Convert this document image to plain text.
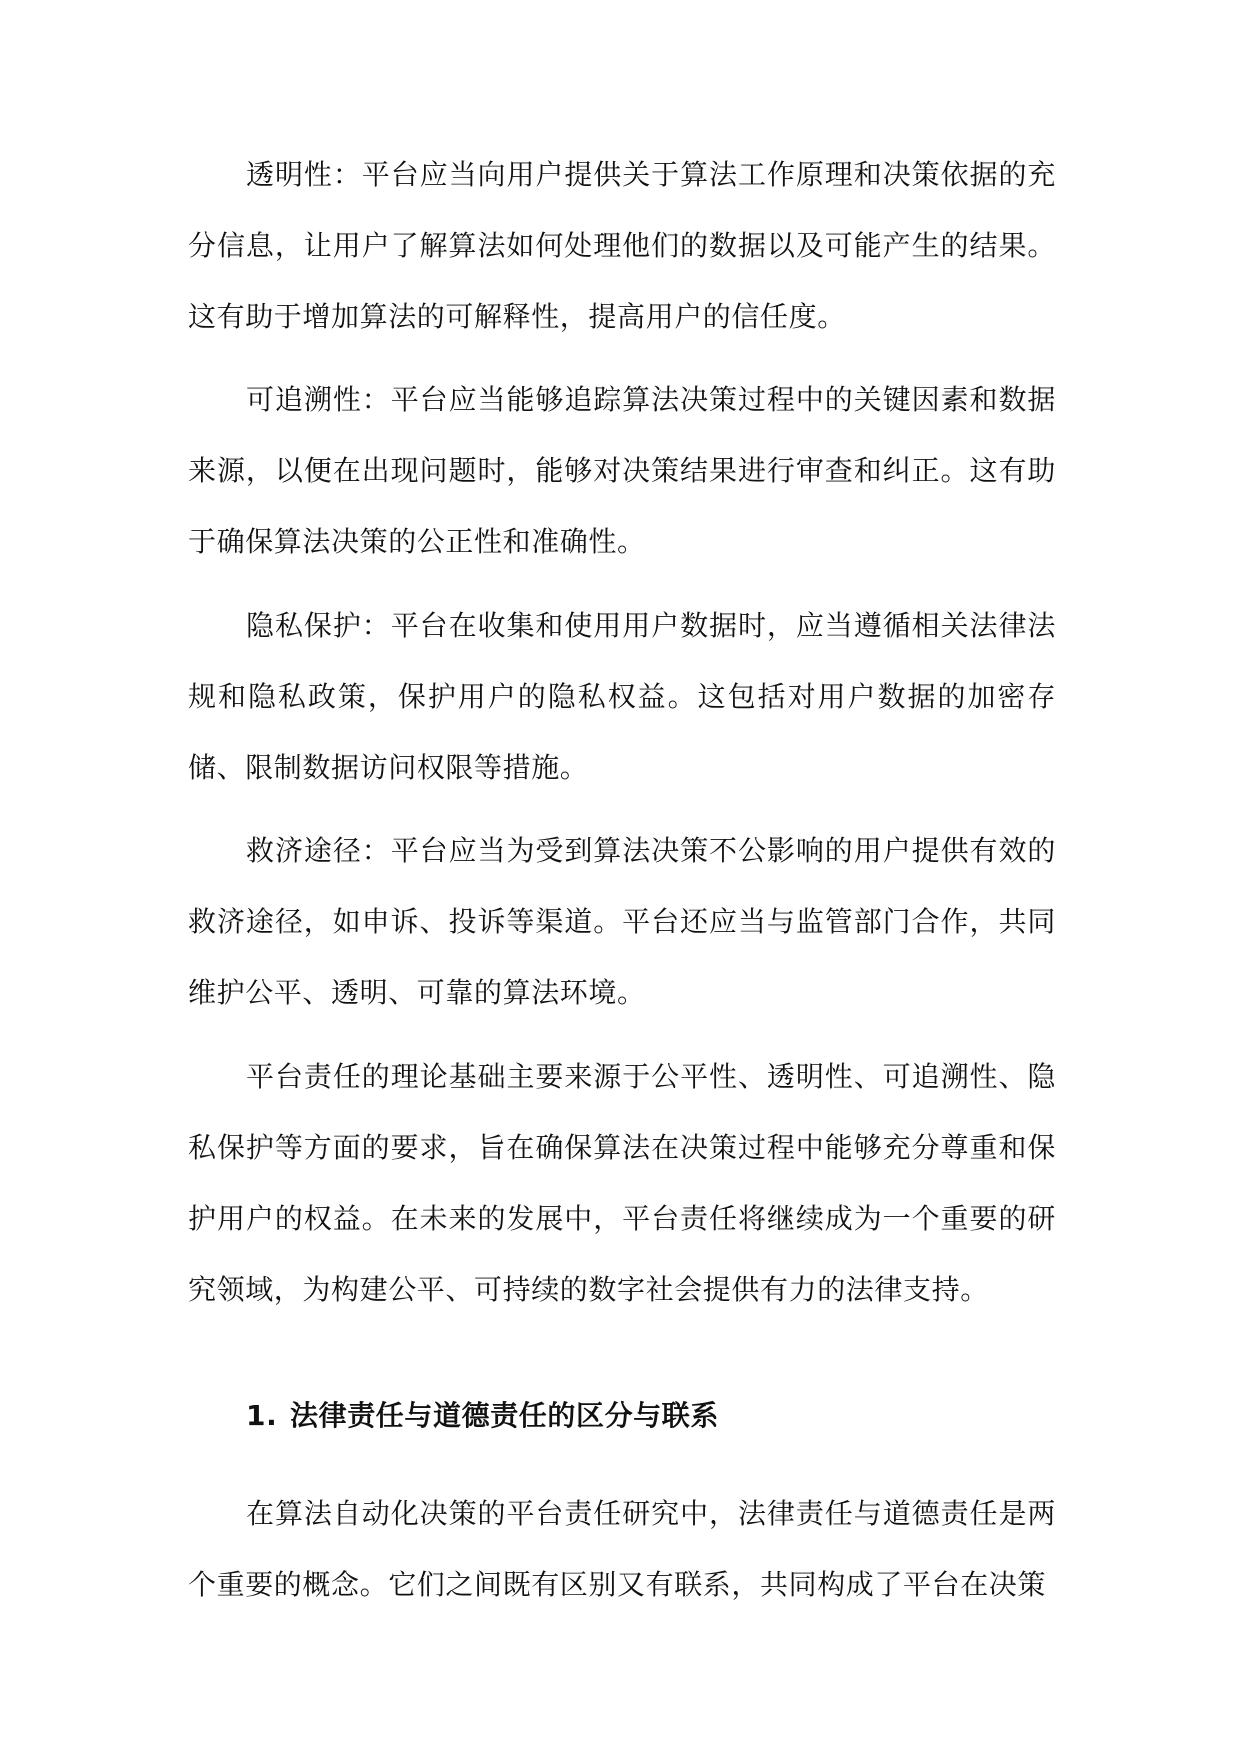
透明性：平台应当向用户提供关于算法工作原理和决策依据的充分信息，让用户了解算法如何处理他们的数据以及可能产生的结果。这有助于增加算法的可解释性，提高用户的信任度。

可追溯性：平台应当能够追踪算法决策过程中的关键因素和数据来源，以便在出现问题时，能够对决策结果进行审查和纠正。这有助于确保算法决策的公正性和准确性。

隐私保护：平台在收集和使用用户数据时，应当遵循相关法律法规和隐私政策，保护用户的隐私权益。这包括对用户数据的加密存储、限制数据访问权限等措施。

救济途径：平台应当为受到算法决策不公影响的用户提供有效的救济途径，如申诉、投诉等渠道。平台还应当与监管部门合作，共同维护公平、透明、可靠的算法环境。

平台责任的理论基础主要来源于公平性、透明性、可追溯性、隐私保护等方面的要求，旨在确保算法在决策过程中能够充分尊重和保护用户的权益。在未来的发展中，平台责任将继续成为一个重要的研究领域，为构建公平、可持续的数字社会提供有力的法律支持。

1. 法律责任与道德责任的区分与联系

在算法自动化决策的平台责任研究中，法律责任与道德责任是两个重要的概念。它们之间既有区别又有联系，共同构成了平台在决策
